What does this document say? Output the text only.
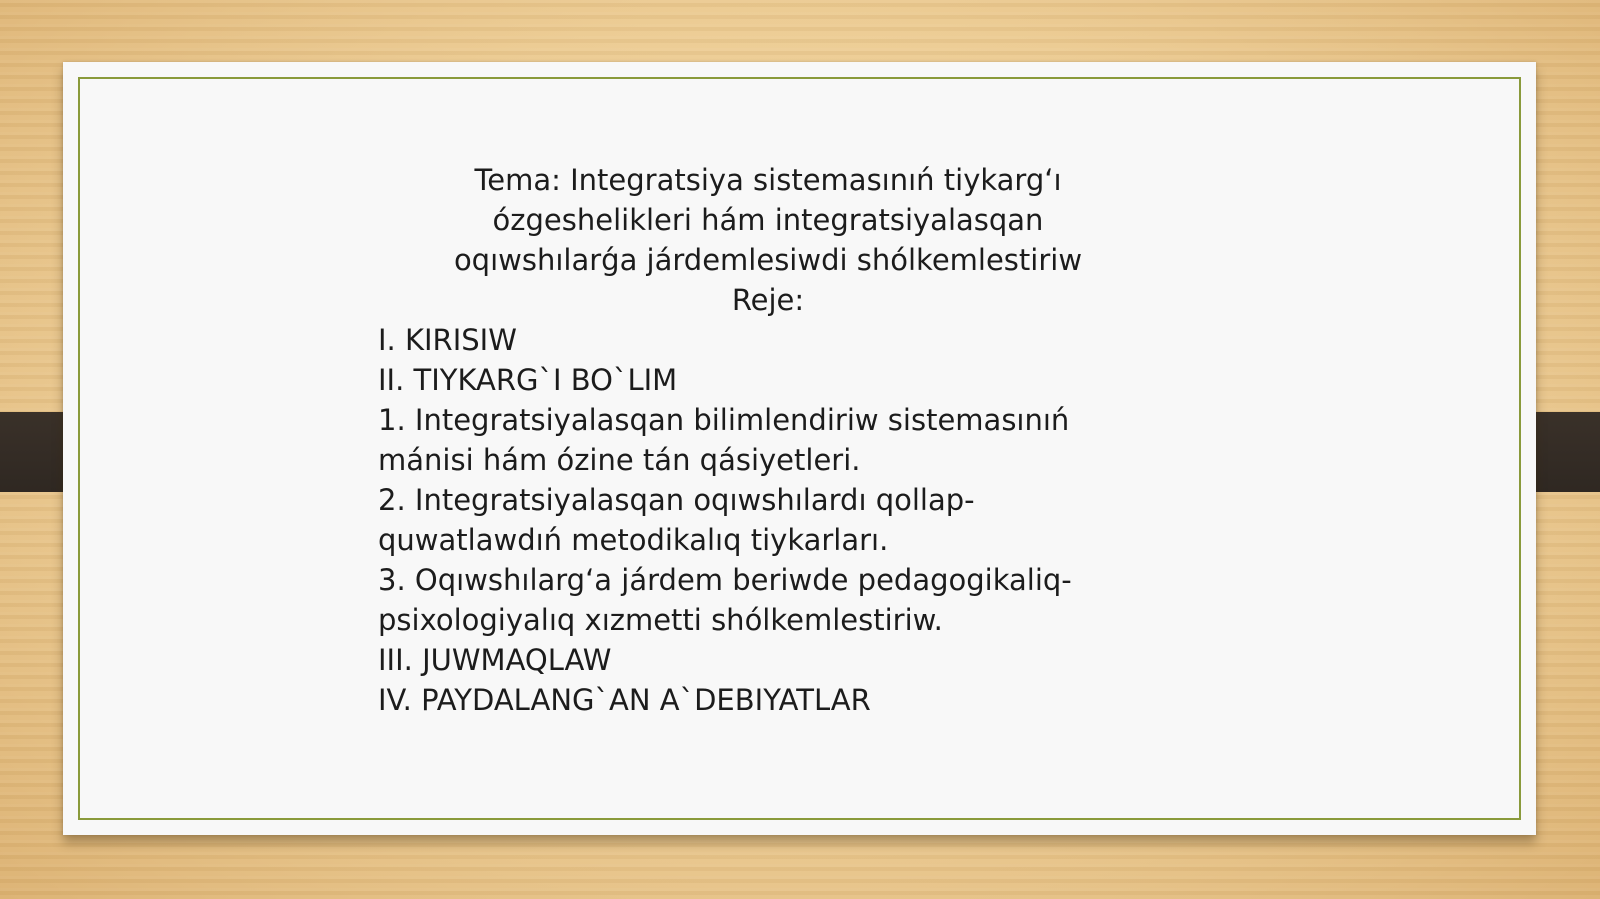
Tema: Integratsiya sistemasınıń tiykarg‘ı
ózgeshelikleri hám integratsiyalasqan
oqıwshılarǵa járdemlesiwdi shólkemlestiriw
Reje:
I. KIRISIW
II. TIYKARG`I BO`LIM
1. Integratsiyalasqan bilimlendiriw sistemasınıń
mánisi hám ózine tán qásiyetleri.
2. Integratsiyalasqan oqıwshılardı qollap-
quwatlawdıń metodikalıq tiykarları.
3. Oqıwshılarg‘a járdem beriwde pedagogikaliq-
psixologiyalıq xızmetti shólkemlestiriw.
III. JUWMAQLAW
IV. PAYDALANG`AN A`DEBIYATLAR
